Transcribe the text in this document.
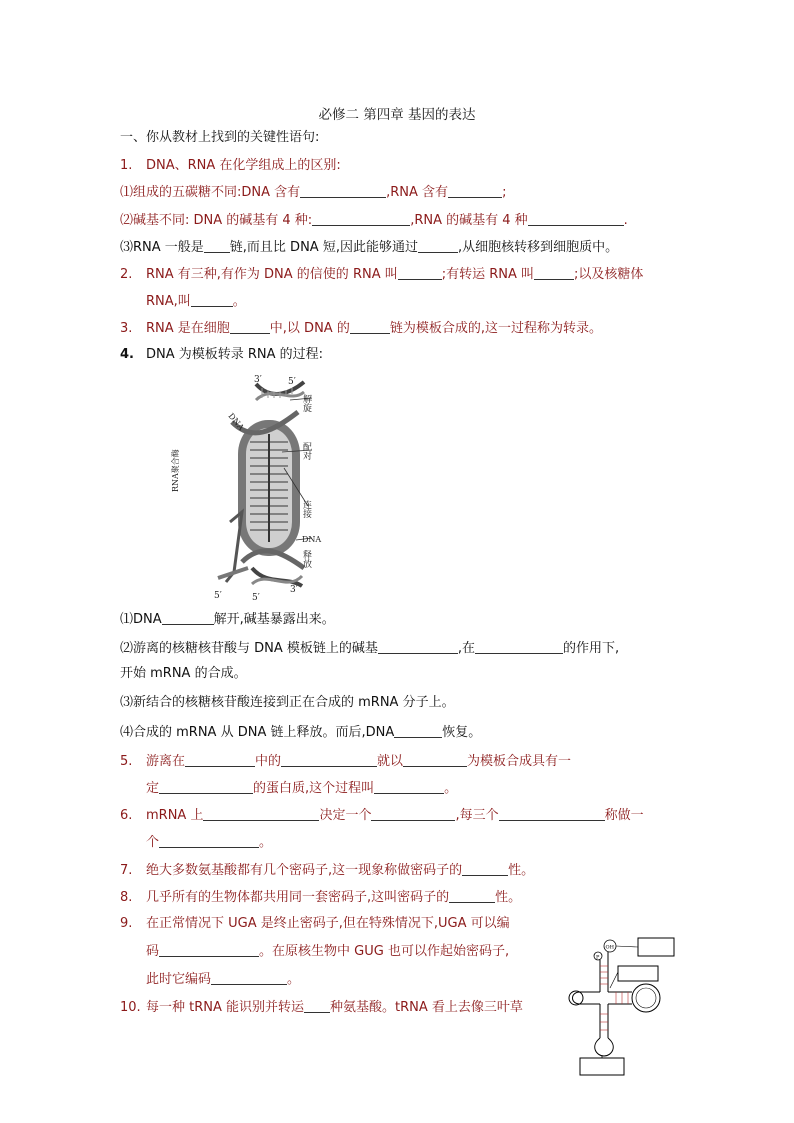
必修二 第四章 基因的表达
一、你从教材上找到的关键性语句:
1. DNA、RNA 在化学组成上的区别:
⑴组成的五碳糖不同:DNA 含有	,RNA 含有	;
⑵碱基不同: DNA 的碱基有 4 种:	,RNA 的碱基有 4 种	.
⑶RNA 一般是 链,而且比 DNA 短,因此能够通过	,从细胞核转移到细胞质中。
2. RNA 有三种,有作为 DNA 的信使的 RNA 叫	;有转运 RNA 叫	;以及核糖体
RNA,叫	。
3. RNA 是在细胞	中,以 DNA 的	链为模板合成的,这一过程称为转录。
4. DNA 为模板转录 RNA 的过程:
3′	5′
DNA
RNA聚合酶
解旋
配对
连接
DNA
释放
5′	5′
3′
⑴DNA	解开,碱基暴露出来。
⑵游离的核糖核苷酸与 DNA 模板链上的碱基	,在	的作用下,
开始 mRNA 的合成。
⑶新结合的核糖核苷酸连接到正在合成的 mRNA 分子上。
⑷合成的 mRNA 从 DNA 链上释放。而后,DNA	恢复。
5. 游离在	中的	就以	为模板合成具有一
定	的蛋白质,这个过程叫	。
6. mRNA 上	决定一个	,每三个	称做一
个	。
7. 绝大多数氨基酸都有几个密码子,这一现象称做密码子的	性。
8. 几乎所有的生物体都共用同一套密码子,这叫密码子的	性。
9. 在正常情况下 UGA 是终止密码子,但在特殊情况下,UGA 可以编
码	。在原核生物中 GUG 也可以作起始密码子,
此时它编码	。
10. 每一种 tRNA 能识别并转运 种氨基酸。tRNA 看上去像三叶草
OH
P
